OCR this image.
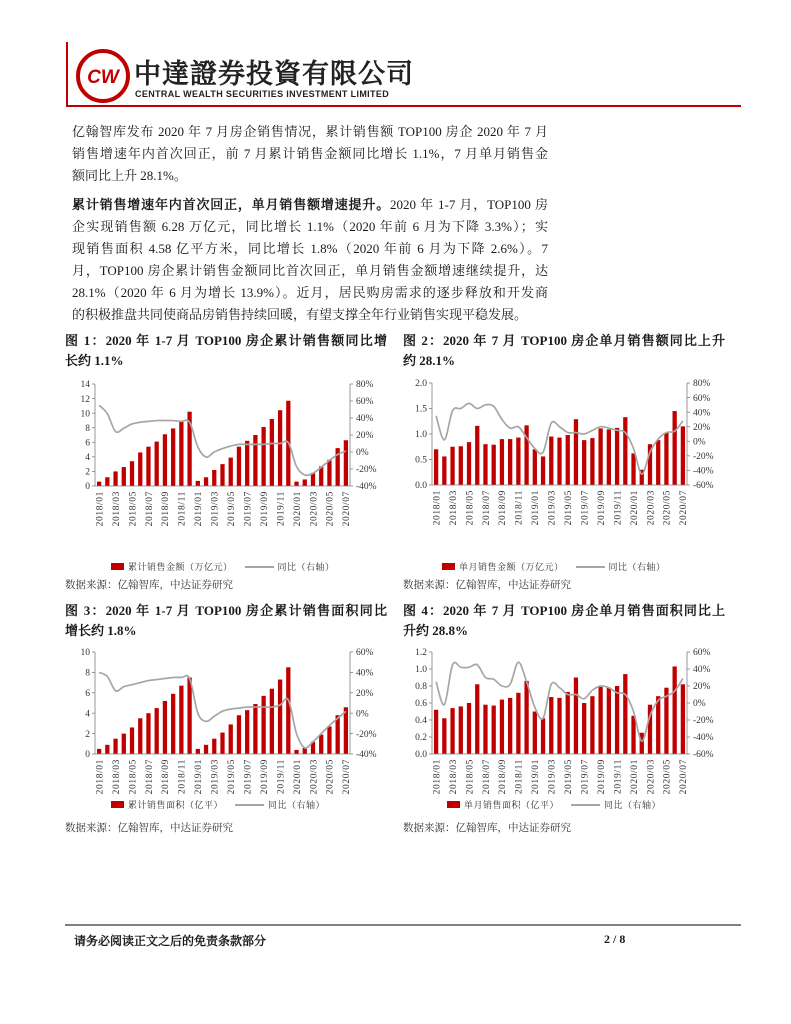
CW 中達證券投資有限公司
CENTRAL WEALTH SECURITIES INVESTMENT LIMITED
亿翰智库发布 2020 年 7 月房企销售情况，累计销售额 TOP100 房企 2020 年 7 月
销售增速年内首次回正，前 7 月累计销售金额同比增长 1.1%，7 月单月销售金
额同比上升 28.1%。
累计销售增速年内首次回正，单月销售额增速提升。2020 年 1-7 月，TOP100 房
企实现销售额 6.28 万亿元，同比增长 1.1%（2020 年前 6 月为下降 3.3%）；实
现销售面积 4.58 亿平方米，同比增长 1.8%（2020 年前 6 月为下降 2.6%）。7
月，TOP100 房企累计销售金额同比首次回正，单月销售金额增速继续提升，达
28.1%（2020 年 6 月为增长 13.9%）。近月，居民购房需求的逐步释放和开发商
的积极推盘共同使商品房销售持续回暖，有望支撑全年行业销售实现平稳发展。
图 1：2020 年 1-7 月 TOP100 房企累计销售额同比增
长约 1.1%
0
2
4
6
8
10
12
14
-40%
-20%
0%
20%
40%
60%
80%
2018/01 2018/03 2018/05 2018/07 2018/09 2018/11 2019/01 2019/03 2019/05 2019/07 2019/09 2019/11 2020/01 2020/03 2020/05 2020/07
累计销售金额（万亿元）	同比（右轴）
数据来源：亿翰智库，中达证券研究
图 2：2020 年 7 月 TOP100 房企单月销售额同比上升
约 28.1%
0.0
0.5
1.0
1.5
2.0
-60%
-40%
-20%
0%
20%
40%
60%
80%
2018/01 2018/03 2018/05 2018/07 2018/09 2018/11 2019/01 2019/03 2019/05 2019/07 2019/09 2019/11 2020/01 2020/03 2020/05 2020/07
单月销售金额（万亿元）	同比（右轴）
数据来源：亿翰智库，中达证券研究
图 3：2020 年 1-7 月 TOP100 房企累计销售面积同比
增长约 1.8%
0
2
4
6
8
10
-40%
-20%
0%
20%
40%
60%
2018/01 2018/03 2018/05 2018/07 2018/09 2018/11 2019/01 2019/03 2019/05 2019/07 2019/09 2019/11 2020/01 2020/03 2020/05 2020/07
累计销售面积（亿平）	同比（右轴）
数据来源：亿翰智库，中达证券研究
图 4：2020 年 7 月 TOP100 房企单月销售面积同比上
升约 28.8%
0.0
0.2
0.4
0.6
0.8
1.0
1.2
-60%
-40%
-20%
0%
20%
40%
60%
2018/01 2018/03 2018/05 2018/07 2018/09 2018/11 2019/01 2019/03 2019/05 2019/07 2019/09 2019/11 2020/01 2020/03 2020/05 2020/07
单月销售面积（亿平）	同比（右轴）
数据来源：亿翰智库，中达证券研究
请务必阅读正文之后的免责条款部分	2 / 8
